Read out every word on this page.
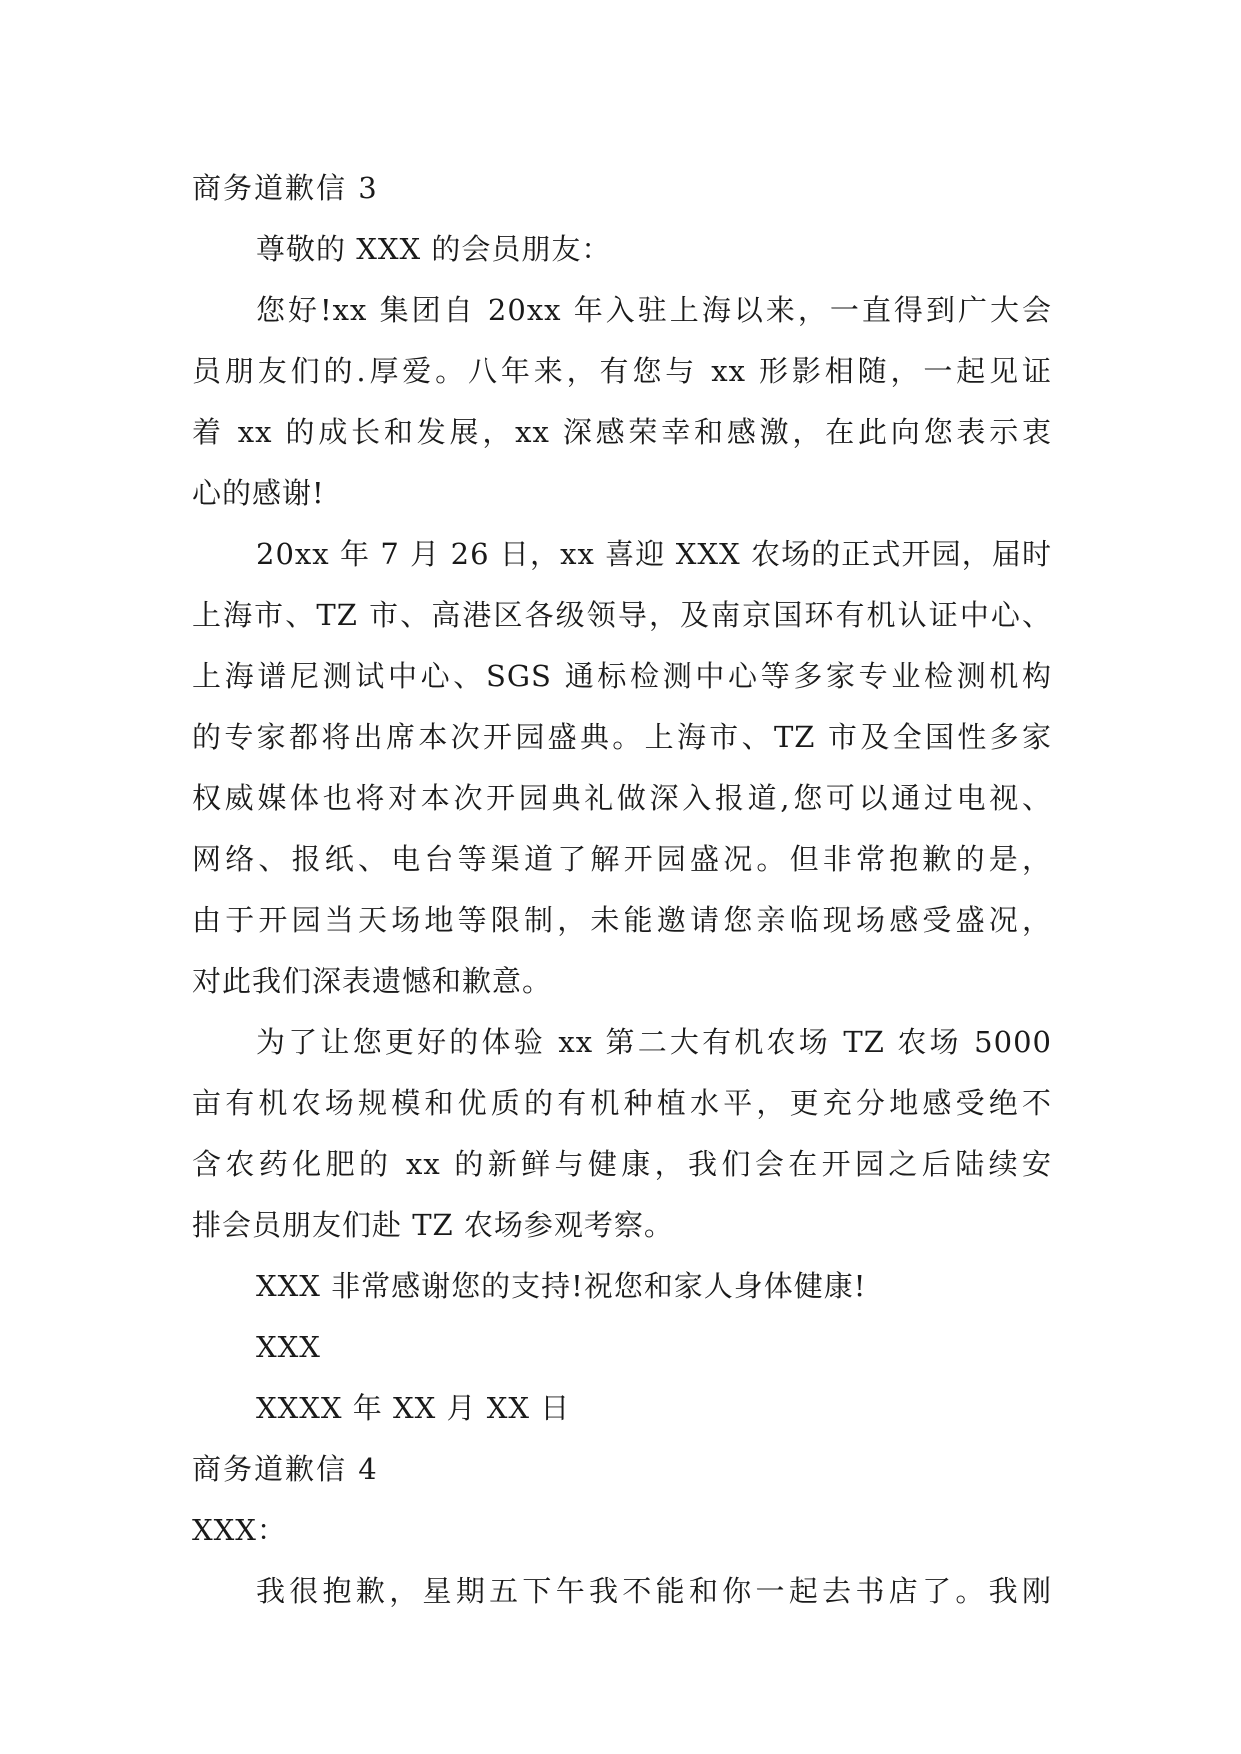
商务道歉信 3
尊敬的 XXX 的会员朋友：
您好!xx 集团自 20xx 年入驻上海以来，一直得到广大会
员朋友们的.厚爱。八年来，有您与 xx 形影相随，一起见证
着 xx 的成长和发展，xx 深感荣幸和感激，在此向您表示衷
心的感谢!
20xx 年 7 月 26 日，xx 喜迎 XXX 农场的正式开园，届时
上海市、TZ 市、高港区各级领导，及南京国环有机认证中心、
上海谱尼测试中心、SGS 通标检测中心等多家专业检测机构
的专家都将出席本次开园盛典。上海市、TZ 市及全国性多家
权威媒体也将对本次开园典礼做深入报道,您可以通过电视、
网络、报纸、电台等渠道了解开园盛况。但非常抱歉的是，
由于开园当天场地等限制，未能邀请您亲临现场感受盛况，
对此我们深表遗憾和歉意。
为了让您更好的体验 xx 第二大有机农场 TZ 农场 5000
亩有机农场规模和优质的有机种植水平，更充分地感受绝不
含农药化肥的 xx 的新鲜与健康，我们会在开园之后陆续安
排会员朋友们赴 TZ 农场参观考察。
XXX 非常感谢您的支持!祝您和家人身体健康!
XXX
XXXX 年 XX 月 XX 日
商务道歉信 4
XXX：
我很抱歉，星期五下午我不能和你一起去书店了。我刚
